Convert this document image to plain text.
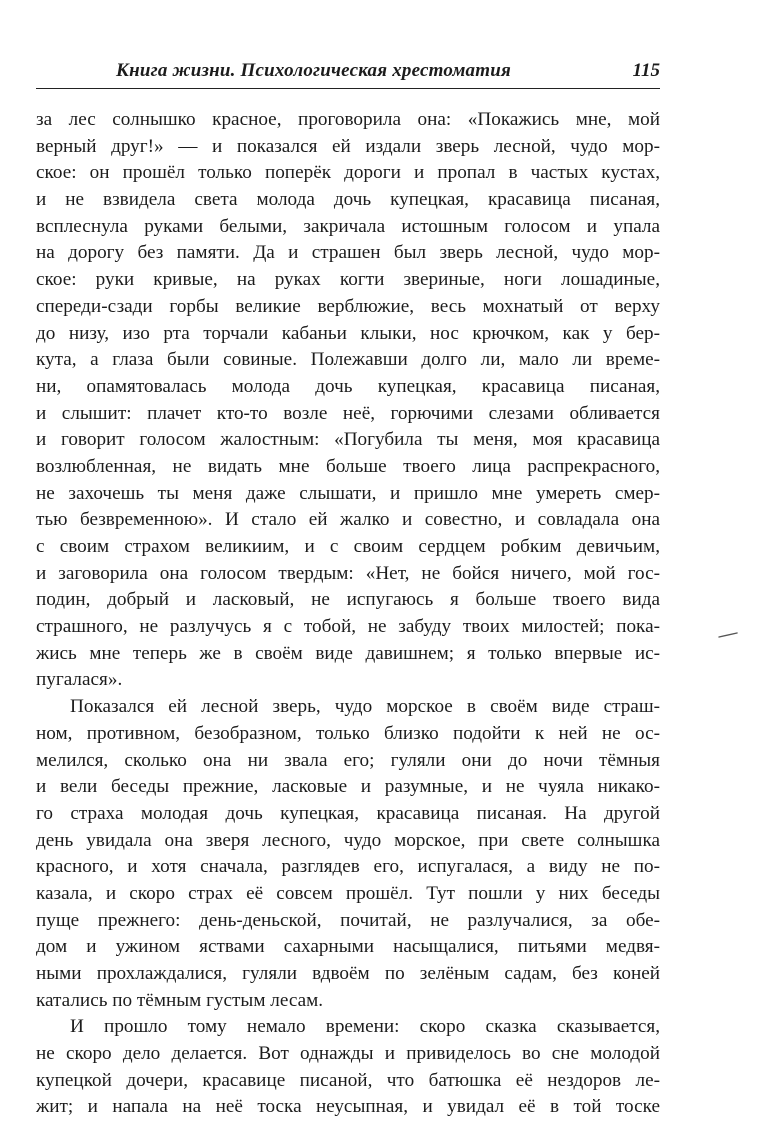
Книга жизни. Психологическая хрестоматия	115
за лес солнышко красное, проговорила она: «Покажись мне, мой
верный друг!» — и показался ей издали зверь лесной, чудо мор-
ское: он прошёл только поперёк дороги и пропал в частых кустах,
и не взвидела света молода дочь купецкая, красавица писаная,
всплеснула руками белыми, закричала истошным голосом и упала
на дорогу без памяти. Да и страшен был зверь лесной, чудо мор-
ское: руки кривые, на руках когти звериные, ноги лошадиные,
спереди-сзади горбы великие верблюжие, весь мохнатый от верху
до низу, изо рта торчали кабаньи клыки, нос крючком, как у бер-
кута, а глаза были совиные. Полежавши долго ли, мало ли време-
ни, опамятовалась молода дочь купецкая, красавица писаная,
и слышит: плачет кто-то возле неё, горючими слезами обливается
и говорит голосом жалостным: «Погубила ты меня, моя красавица
возлюбленная, не видать мне больше твоего лица распрекрасного,
не захочешь ты меня даже слышати, и пришло мне умереть смер-
тью безвременною». И стало ей жалко и совестно, и совладала она
с своим страхом великиим, и с своим сердцем робким девичьим,
и заговорила она голосом твердым: «Нет, не бойся ничего, мой гос-
подин, добрый и ласковый, не испугаюсь я больше твоего вида
страшного, не разлучусь я с тобой, не забуду твоих милостей; пока-
жись мне теперь же в своём виде давишнем; я только впервые ис-
пугалася».
Показался ей лесной зверь, чудо морское в своём виде страш-
ном, противном, безобразном, только близко подойти к ней не ос-
мелился, сколько она ни звала его; гуляли они до ночи тёмныя
и вели беседы прежние, ласковые и разумные, и не чуяла никако-
го страха молодая дочь купецкая, красавица писаная. На другой
день увидала она зверя лесного, чудо морское, при свете солнышка
красного, и хотя сначала, разглядев его, испугалася, а виду не по-
казала, и скоро страх её совсем прошёл. Тут пошли у них беседы
пуще прежнего: день-деньской, почитай, не разлучалися, за обе-
дом и ужином яствами сахарными насыщалися, питьями медвя-
ными прохлаждалися, гуляли вдвоём по зелёным садам, без коней
катались по тёмным густым лесам.
И прошло тому немало времени: скоро сказка сказывается,
не скоро дело делается. Вот однажды и привиделось во сне молодой
купецкой дочери, красавице писаной, что батюшка её нездоров ле-
жит; и напала на неё тоска неусыпная, и увидал её в той тоске
